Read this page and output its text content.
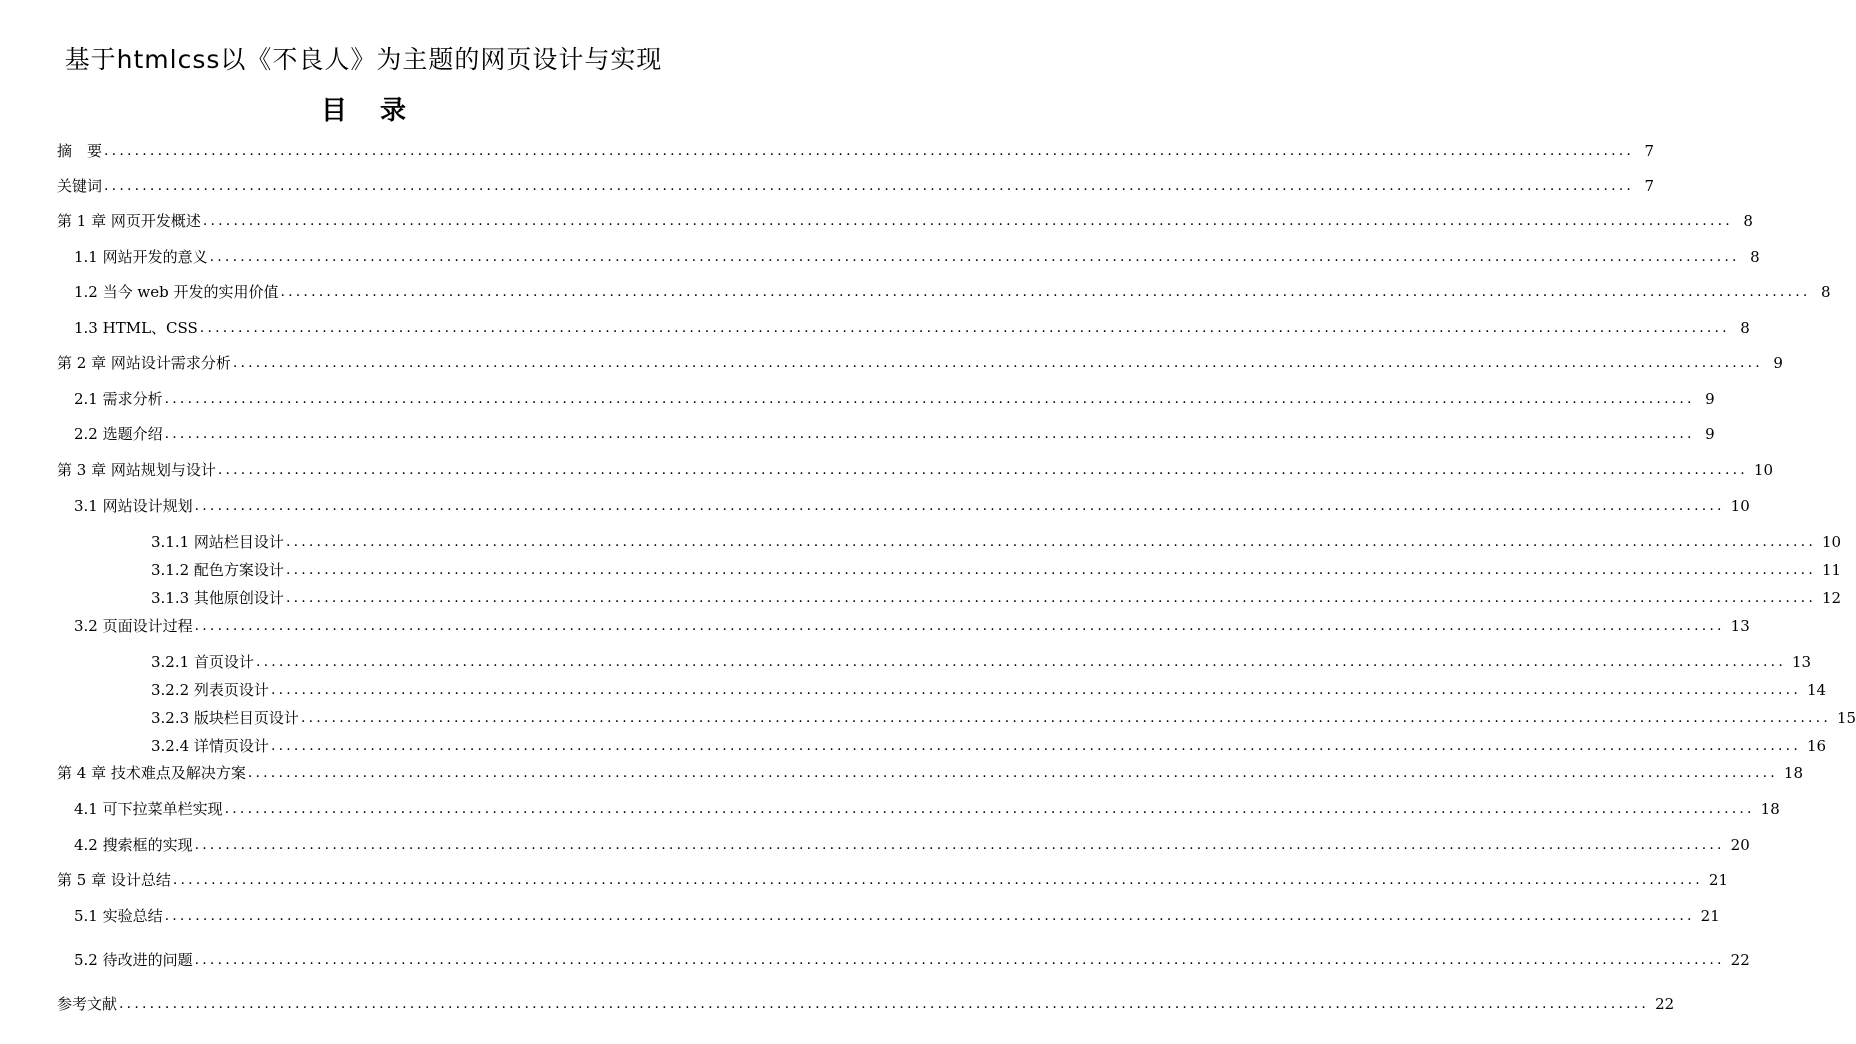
基于htmlcss以《不良人》为主题的网页设计与实现
目 录
摘　要 ........................................................................................................................................................................................................ 7
关键词 ........................................................................................................................................................................................................ 7
第 1 章 网页开发概述 ........................................................................................................................................................................................................ 8
1.1 网站开发的意义 ........................................................................................................................................................................................................ 8
1.2 当今 web 开发的实用价值 ........................................................................................................................................................................................................ 8
1.3 HTML、CSS ........................................................................................................................................................................................................ 8
第 2 章 网站设计需求分析 ........................................................................................................................................................................................................ 9
2.1 需求分析 ........................................................................................................................................................................................................ 9
2.2 选题介绍 ........................................................................................................................................................................................................ 9
第 3 章 网站规划与设计 ........................................................................................................................................................................................................ 10
3.1 网站设计规划 ........................................................................................................................................................................................................ 10
3.1.1 网站栏目设计 ........................................................................................................................................................................................................ 10
3.1.2 配色方案设计 ........................................................................................................................................................................................................ 11
3.1.3 其他原创设计 ........................................................................................................................................................................................................ 12
3.2 页面设计过程 ........................................................................................................................................................................................................ 13
3.2.1 首页设计 ........................................................................................................................................................................................................ 13
3.2.2 列表页设计 ........................................................................................................................................................................................................ 14
3.2.3 版块栏目页设计 ........................................................................................................................................................................................................ 15
3.2.4 详情页设计 ........................................................................................................................................................................................................ 16
第 4 章 技术难点及解决方案 ........................................................................................................................................................................................................ 18
4.1 可下拉菜单栏实现 ........................................................................................................................................................................................................ 18
4.2 搜索框的实现 ........................................................................................................................................................................................................ 20
第 5 章 设计总结 ........................................................................................................................................................................................................ 21
5.1 实验总结 ........................................................................................................................................................................................................ 21
5.2 待改进的问题 ........................................................................................................................................................................................................ 22
参考文献 ........................................................................................................................................................................................................ 22
